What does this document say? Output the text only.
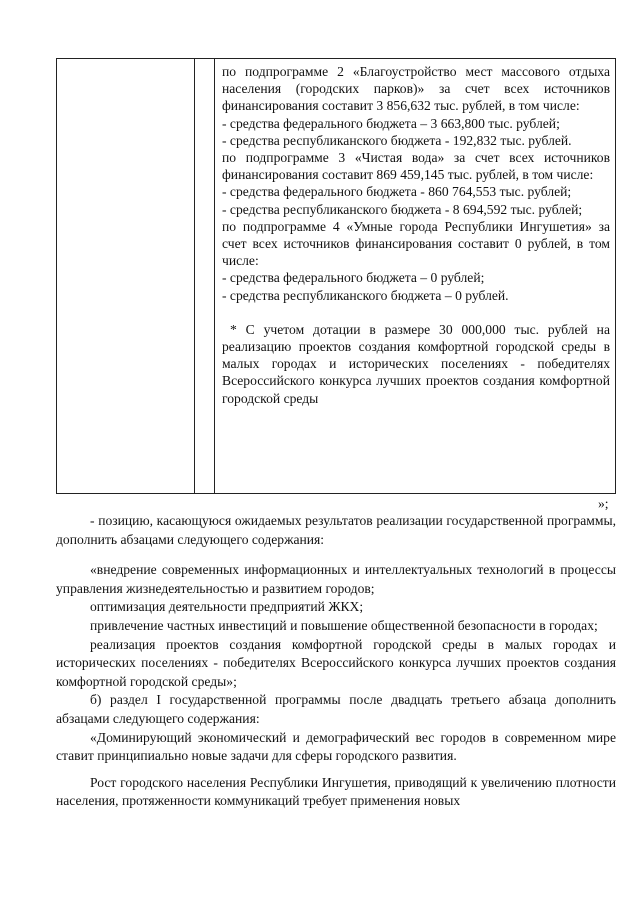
по подпрограмме 2 «Благоустройство мест массового отдыха населения (городских парков)» за счет всех источников финансирования составит 3 856,632 тыс. рублей, в том числе:

- средства федерального бюджета – 3 663,800 тыс. рублей;

- средства республиканского бюджета - 192,832 тыс. рублей.

по подпрограмме 3 «Чистая вода» за счет всех источников финансирования составит 869 459,145 тыс. рублей, в том числе:

- средства федерального бюджета - 860 764,553 тыс. рублей;

- средства республиканского бюджета - 8 694,592 тыс. рублей;

по подпрограмме 4 «Умные города Республики Ингушетия» за счет всех источников финансирования составит 0 рублей, в том числе:

- средства федерального бюджета – 0 рублей;

- средства республиканского бюджета – 0 рублей.

* С учетом дотации в размере 30 000,000 тыс. рублей на реализацию проектов создания комфортной городской среды в малых городах и исторических поселениях - победителях Всероссийского конкурса лучших проектов создания комфортной городской среды

»;

- позицию, касающуюся ожидаемых результатов реализации государственной программы, дополнить абзацами следующего содержания:

«внедрение современных информационных и интеллектуальных технологий в процессы управления жизнедеятельностью и развитием городов;

оптимизация деятельности предприятий ЖКХ;

привлечение частных инвестиций и повышение общественной безопасности в городах;

реализация проектов создания комфортной городской среды в малых городах и исторических поселениях - победителях Всероссийского конкурса лучших проектов создания комфортной городской среды»;

б) раздел I государственной программы после двадцать третьего абзаца дополнить абзацами следующего содержания:

«Доминирующий экономический и демографический вес городов в современном мире ставит принципиально новые задачи для сферы городского развития.

Рост городского населения Республики Ингушетия, приводящий к увеличению плотности населения, протяженности коммуникаций требует применения новых
